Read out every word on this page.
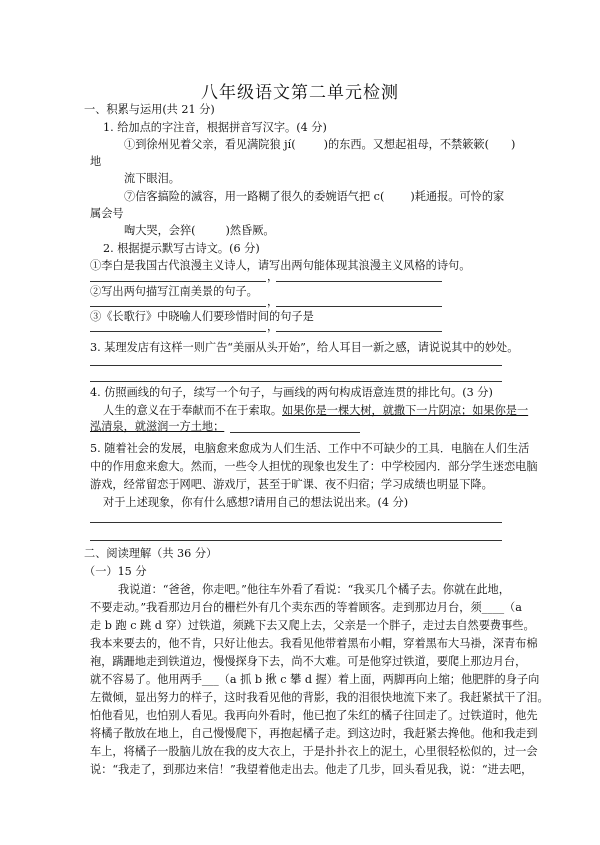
八年级语文第二单元检测
一、积累与运用(共 21 分)
1. 给加点的字注音，根据拼音写汉字。(4 分)
①到徐州见着父亲，看见满院狼 jí(	)的东西。又想起祖母，不禁簌簌( )
地
流下眼泪。
⑦信客搞险的滅容，用一路糊了很久的委婉语气把 c( )耗通报。可怜的家
属会号
啕大哭，会猝(	)然昏厥。
2. 根据提示默写古诗文。(6 分)
①李白是我国古代浪漫主义诗人，请写出两句能体现其浪漫主义风格的诗句。
，
②写出两句描写江南美景的句子。
，
③《长歌行》中晓喻人们要珍惜时间的句子是
，
3. 某理发店有这样一则广告“美丽从头开始”，给人耳目一新之感，请说说其中的妙处。
4. 仿照画线的句子，续写一个句子，与画线的两句构成语意连贯的排比句。(3 分)
人生的意义在于奉献而不在于索取。如果你是一棵大树，就撒下一片阴凉；如果你是一
泓清泉，就滋润一方土地；
5. 随着社会的发展，电脑愈来愈成为人们生活、工作中不可缺少的工具．电脑在人们生活
中的作用愈来愈大。然而，一些令人担忧的现象也发生了：中学校园内．部分学生迷恋电脑
游戏，经常留恋于网吧、游戏厅，甚至于旷课、夜不归宿；学习成绩也明显下降。
对于上述现象，你有什么感想?请用自己的想法说出来。(4 分)
二、阅读理解（共 36 分）
（一）15 分
我说道：“爸爸，你走吧。”他往车外看了看说：“我买几个橘子去。你就在此地，
不要走动。”我看那边月台的栅栏外有几个卖东西的等着顾客。走到那边月台，须____（a
走 b 跑 c 跳 d 穿）过铁道，须跳下去又爬上去，父亲是一个胖子，走过去自然要费事些。
我本来要去的，他不肯，只好让他去。我看见他带着黑布小帽，穿着黑布大马褂，深青布棉
袍，蹒跚地走到铁道边，慢慢探身下去，尚不大难。可是他穿过铁道，要爬上那边月台，
就不容易了。他用两手___（a 抓 b 揪 c 攀 d 握）着上面，两脚再向上缩；他肥胖的身子向
左微倾，显出努力的样子，这时我看见他的背影，我的泪很快地流下来了。我赶紧拭干了泪。
怕他看见，也怕别人看见。我再向外看时，他已抱了朱红的橘子往回走了。过铁道时，他先
将橘子散放在地上，自己慢慢爬下，再抱起橘子走。到这边时，我赶紧去搀他。他和我走到
车上，将橘子一股脑儿放在我的皮大衣上，于是扑扑衣上的泥土，心里很轻松似的，过一会
说：“我走了，到那边来信！”我望着他走出去。他走了几步，回头看见我，说：“进去吧，
